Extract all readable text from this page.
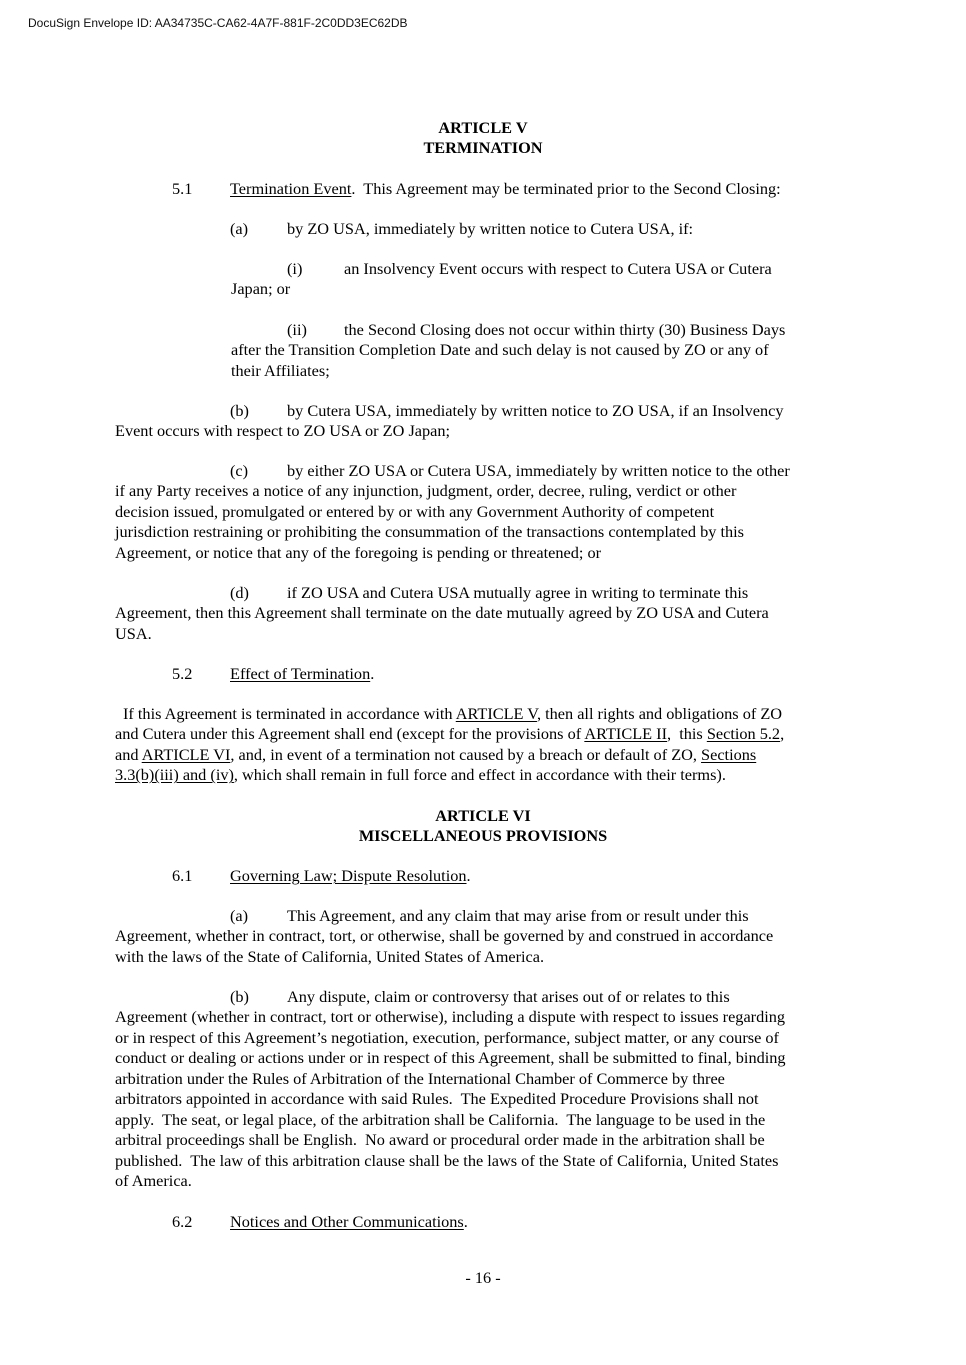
DocuSign Envelope ID: AA34735C-CA62-4A7F-881F-2C0DD3EC62DB
ARTICLE V
TERMINATION
Termination Event.  This Agreement may be terminated prior to the Second Closing:
5.1
by ZO USA, immediately by written notice to Cutera USA, if:
(a)
an Insolvency Event occurs with respect to Cutera USA or Cutera
(i)
Japan; or
the Second Closing does not occur within thirty (30) Business Days
(ii)
after the Transition Completion Date and such delay is not caused by ZO or any of
their Affiliates;
by Cutera USA, immediately by written notice to ZO USA, if an Insolvency
(b)
Event occurs with respect to ZO USA or ZO Japan;
by either ZO USA or Cutera USA, immediately by written notice to the other
(c)
if any Party receives a notice of any injunction, judgment, order, decree, ruling, verdict or other
decision issued, promulgated or entered by or with any Government Authority of competent
jurisdiction restraining or prohibiting the consummation of the transactions contemplated by this
Agreement, or notice that any of the foregoing is pending or threatened; or
if ZO USA and Cutera USA mutually agree in writing to terminate this
(d)
Agreement, then this Agreement shall terminate on the date mutually agreed by ZO USA and Cutera
USA.
Effect of Termination.
5.2
If this Agreement is terminated in accordance with ARTICLE V, then all rights and obligations of ZO
and Cutera under this Agreement shall end (except for the provisions of ARTICLE II,  this Section 5.2,
and ARTICLE VI, and, in event of a termination not caused by a breach or default of ZO, Sections
3.3(b)(iii) and (iv), which shall remain in full force and effect in accordance with their terms).
ARTICLE VI
MISCELLANEOUS PROVISIONS
Governing Law; Dispute Resolution.
6.1
This Agreement, and any claim that may arise from or result under this
(a)
Agreement, whether in contract, tort, or otherwise, shall be governed by and construed in accordance
with the laws of the State of California, United States of America.
Any dispute, claim or controversy that arises out of or relates to this
(b)
Agreement (whether in contract, tort or otherwise), including a dispute with respect to issues regarding
or in respect of this Agreement’s negotiation, execution, performance, subject matter, or any course of
conduct or dealing or actions under or in respect of this Agreement, shall be submitted to final, binding
arbitration under the Rules of Arbitration of the International Chamber of Commerce by three
arbitrators appointed in accordance with said Rules.  The Expedited Procedure Provisions shall not
apply.  The seat, or legal place, of the arbitration shall be California.  The language to be used in the
arbitral proceedings shall be English.  No award or procedural order made in the arbitration shall be
published.  The law of this arbitration clause shall be the laws of the State of California, United States
of America.
Notices and Other Communications.
6.2
- 16 -
